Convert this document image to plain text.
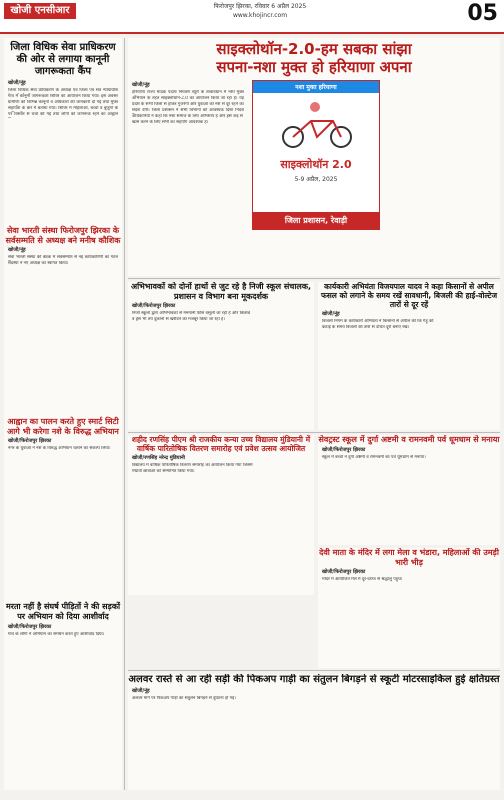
खोजी एनसीआर	फिरोजपुर झिरका, रविवार 6 अप्रैल 2025
www.khojincr.com	05
जिला विधिक सेवा प्राधिकरण की ओर से लगाया कानूनी जागरूकता कैंप
खोजी/नूंह
जिला विधिक सेवा प्राधिकरण के अध्यक्ष एवं जिला एवं सत्र न्यायाधीश
गांव में कानूनी जागरूकता शिविर का आयोजन किया गया। इस अवसर
ग्रामीणों को विभिन्न कानूनों व अधिकारों की जानकारी दी गई तथा मुफ्त
सहायता के बारे में बताया गया। शिविर में महिलाओं, बच्चों व बुजुर्गों के
पर विस्तार से चर्चा की गई तथा लोगों को जागरूक रहने का आह्वान
सेवा भारती संस्था फिरोजपुर झिरका के सर्वसम्मति से अध्यक्ष बने मनीष कौशिक
खोजी/नूंह
सेवा भारती संस्था की बैठक में सर्वसम्मति से नई कार्यकारिणी का गठन
सदस्यों ने नए अध्यक्ष का स्वागत किया।
आह्वान का पालन करते हुए स्मार्ट सिटी आगे भी करेगा नशे के विरुद्ध अभियान
खोजी/फिरोजपुर झिरका
नगर के युवाओं ने नशे के विरुद्ध अभियान चलाने का संकल्प लिया।
मरता नहीं है संघर्ष पीड़ितों ने की सड़कों पर अभियान को दिया आशीर्वाद
खोजी/फिरोजपुर झिरका
गांव के लोगों ने अभियान का समर्थन करते हुए आशीर्वाद दिया।
साइक्लोथॉन-2.0-हम सबका सांझा
सपना-नशा मुक्त हो हरियाणा अपना
खोजी/नूंह
हरियाणा राज्य मादक पदार्थ नियंत्रण ब्यूरो के तत्वावधान में नशा मुक्त
अभियान के तहत साइक्लोथॉन-2.0 का आयोजन किया जा रहा है। यह
प्रदेश के सभी जिलों से होकर गुजरेगी और युवाओं को नशे से दूर रहने का
संदेश देगी। जिला प्रशासन ने सभी विभागों को आवश्यक दिशा निर्देश
अधिकारियों ने कहा कि नशा समाज के लिए अभिशाप है और इसे जड़ से
खत्म करने के लिए सभी का सहयोग आवश्यक है।
नशा मुक्त हरियाणा
साइक्लोथॉन 2.0
5-9 अप्रैल, 2025
जिला प्रशासन, रेवाड़ी
अभिभावकों को दोनों हाथों से जुट रहे है निजी स्कूल संचालक, प्रशासन व विभाग बना मूकदर्शक
खोजी/फिरोजपुर झिरका
निजी स्कूलों द्वारा अभिभावकों से मनमानी फीस वसूली जा रही है और किताबें
व ड्रेस भी तय दुकानों से खरीदने को मजबूर किया जा रहा है।
कार्यकारी अभियंता विजयपाल यादव ने कहा किसानों से अपील फसल को लगाने के समय रखें सावधानी, बिजली की हाई-वोल्टेज तारों से दूर रहें
खोजी/नूंह
बिजली निगम के कार्यकारी अभियंता ने किसानों से अपील की कि गेहूं की
कटाई के समय बिजली की तारों से उचित दूरी बनाए रखें।
शहीद रणसिंह पीएम श्री राजकीय कन्या उच्च विद्यालय मुंडियानी में वार्षिक पारितोषिक वितरण समारोह एवं प्रवेश उत्सव आयोजित
खोजी/रणसिंह नरेन्द्र मुंडियानी
विद्यालय में वार्षिक पारितोषिक वितरण समारोह का आयोजन किया गया जिसमें
मेधावी छात्राओं को सम्मानित किया गया।
सेवट्रस्ट स्कूल में दुर्गा अष्टमी व रामनवमी पर्व धूमधाम से मनाया
खोजी/फिरोजपुर झिरका
स्कूल में बच्चों ने दुर्गा अष्टमी व रामनवमी का पर्व धूमधाम से मनाया।
देवी माता के मंदिर में लगा मेला व भंडारा, महिलाओं की उमड़ी भारी भीड़
खोजी/फिरोजपुर झिरका
मंदिर में आयोजित मेले में दूर-दराज से श्रद्धालु पहुंचे।
अलवर रास्ते से आ रही सड़ी की पिकअप गाड़ी का संतुलन बिगड़ने से स्कूटी मोटरसाइकिल हुई क्षतिग्रस्त
खोजी/नूंह
अलवर मार्ग पर पिकअप गाड़ी का संतुलन बिगड़ने से दुर्घटना हो गई।
